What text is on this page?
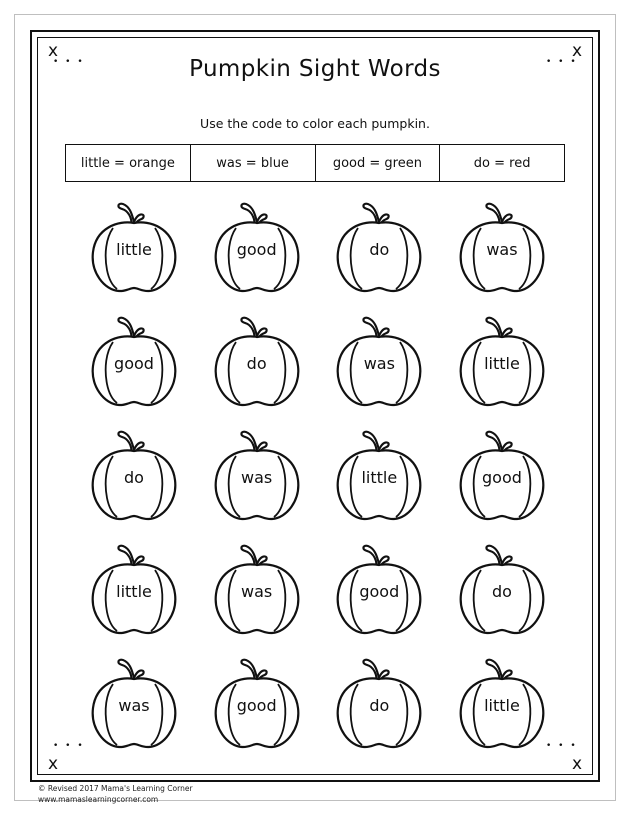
x	x
x	x
• • •	• • •
• • •	• • •
Pumpkin Sight Words
Use the code to color each pumpkin.
little = orange	was = blue	good = green	do = red
little	good	do	was
good	do	was	little
do	was	little	good
little	was	good	do
was	good	do	little
© Revised 2017 Mama's Learning Corner
www.mamaslearningcorner.com
